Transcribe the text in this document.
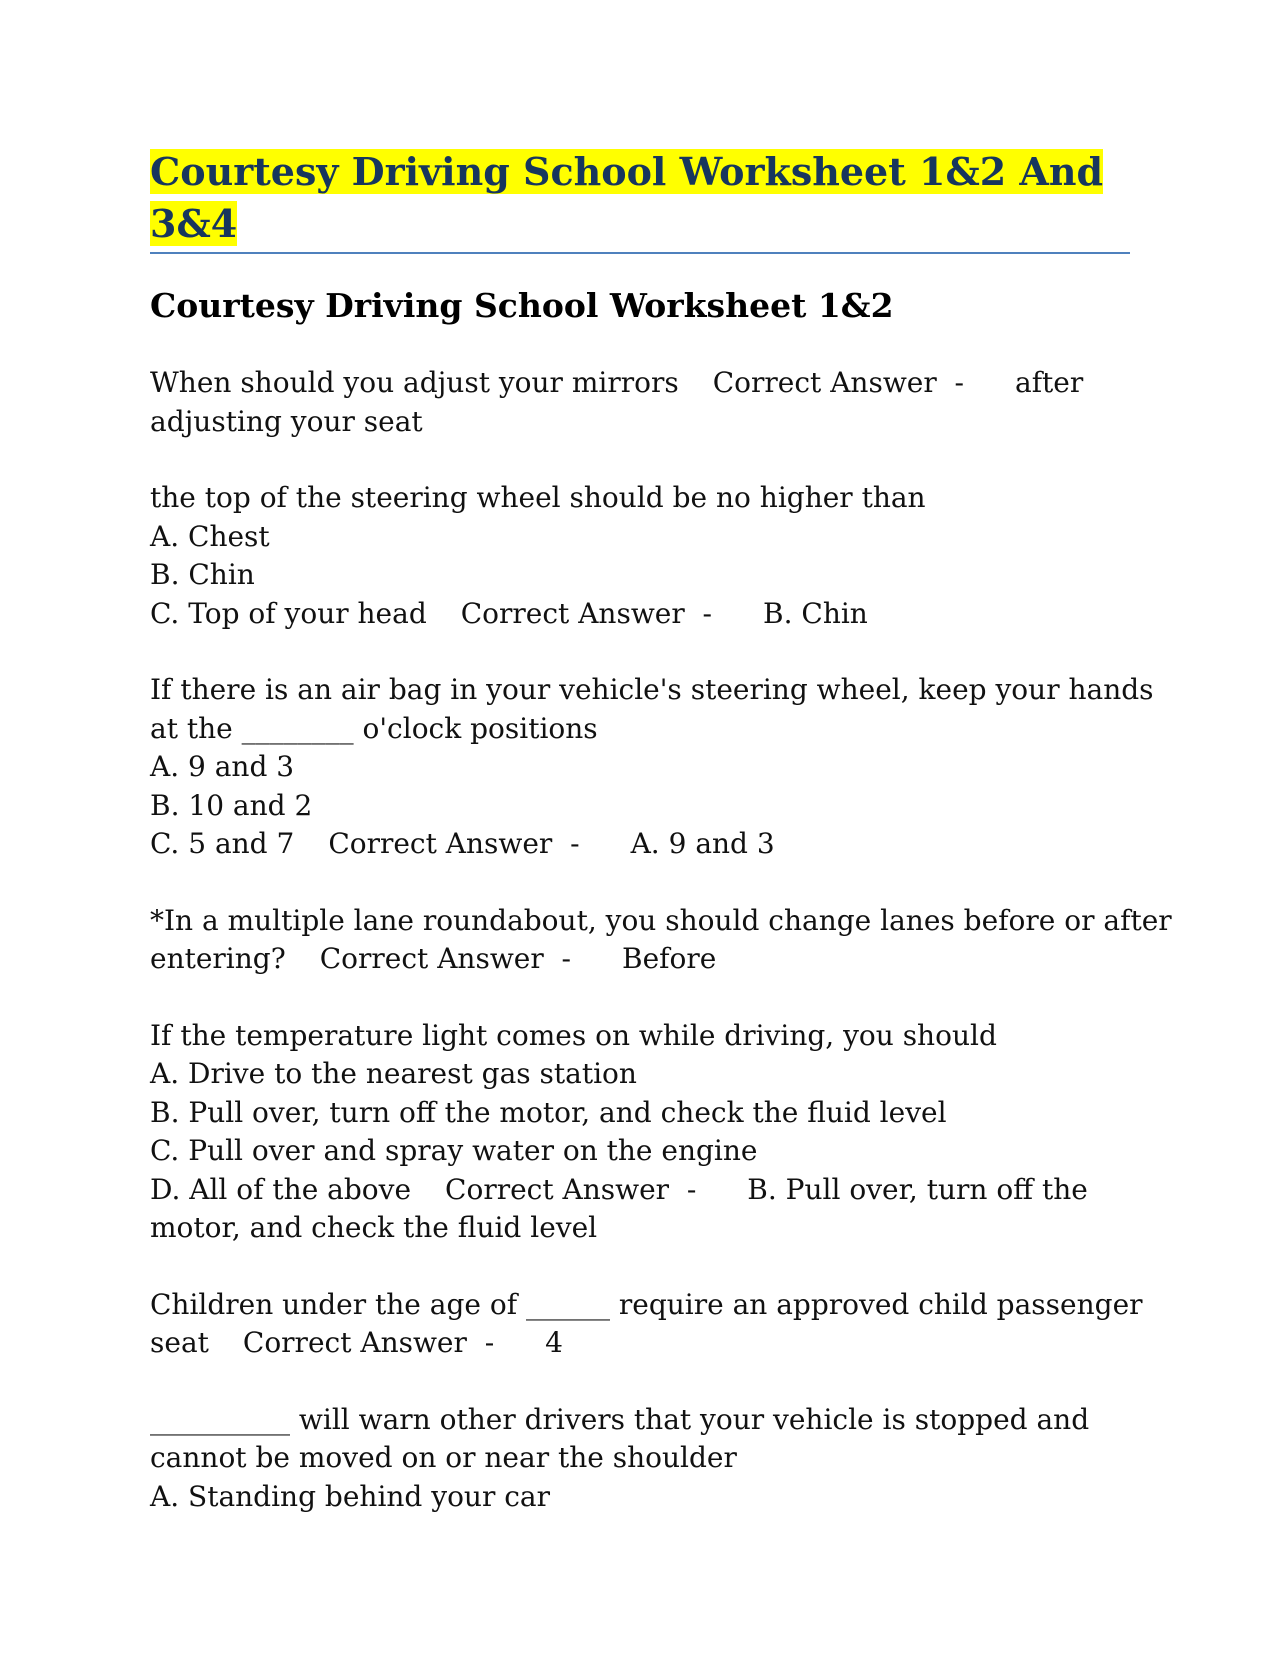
Courtesy Driving School Worksheet 1&2 And 3&4
Courtesy Driving School Worksheet 1&2
When should you adjust your mirrors Correct Answer  - after
adjusting your seat
the top of the steering wheel should be no higher than
A. Chest
B. Chin
C. Top of your head Correct Answer  - B. Chin
If there is an air bag in your vehicle's steering wheel, keep your hands
at the ________ o'clock positions
A. 9 and 3
B. 10 and 2
C. 5 and 7 Correct Answer  - A. 9 and 3
*In a multiple lane roundabout, you should change lanes before or after
entering? Correct Answer  - Before
If the temperature light comes on while driving, you should
A. Drive to the nearest gas station
B. Pull over, turn off the motor, and check the fluid level
C. Pull over and spray water on the engine
D. All of the above Correct Answer  - B. Pull over, turn off the
motor, and check the fluid level
Children under the age of ______ require an approved child passenger
seat Correct Answer  - 4
__________ will warn other drivers that your vehicle is stopped and
cannot be moved on or near the shoulder
A. Standing behind your car
